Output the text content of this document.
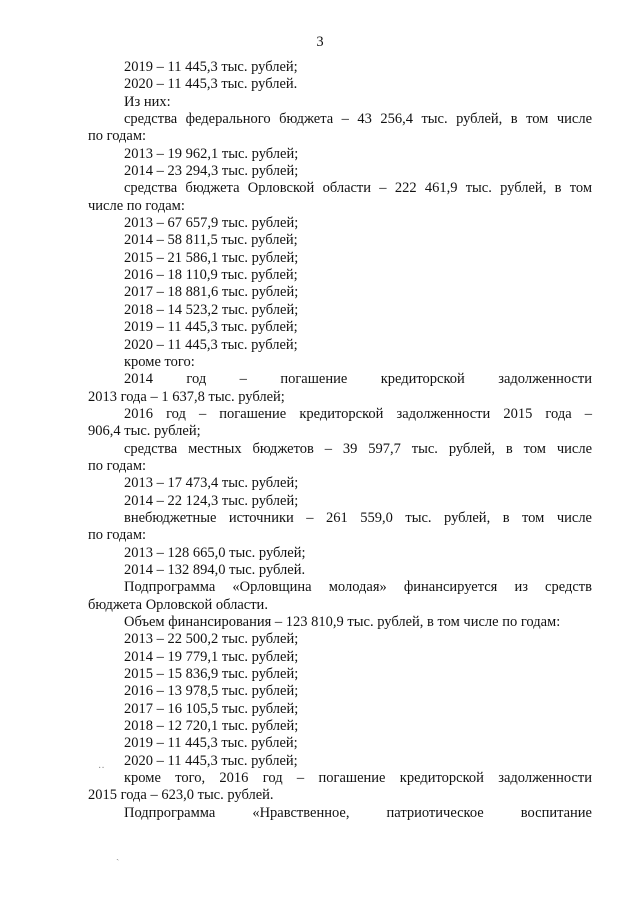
3
2019 – 11 445,3 тыс. рублей;
2020 – 11 445,3 тыс. рублей.
Из них:
средства федерального бюджета – 43 256,4 тыс. рублей, в том числе
по годам:
2013 – 19 962,1 тыс. рублей;
2014 – 23 294,3 тыс. рублей;
средства бюджета Орловской области – 222 461,9 тыс. рублей, в том
числе по годам:
2013 – 67 657,9 тыс. рублей;
2014 – 58 811,5 тыс. рублей;
2015 – 21 586,1 тыс. рублей;
2016 – 18 110,9 тыс. рублей;
2017 – 18 881,6 тыс. рублей;
2018 – 14 523,2 тыс. рублей;
2019 – 11 445,3 тыс. рублей;
2020 – 11 445,3 тыс. рублей;
кроме того:
2014 год – погашение кредиторской задолженности
2013 года – 1 637,8 тыс. рублей;
2016 год – погашение кредиторской задолженности 2015 года –
906,4 тыс. рублей;
средства местных бюджетов – 39 597,7 тыс. рублей, в том числе
по годам:
2013 – 17 473,4 тыс. рублей;
2014 – 22 124,3 тыс. рублей;
внебюджетные источники – 261 559,0 тыс. рублей, в том числе
по годам:
2013 – 128 665,0 тыс. рублей;
2014 – 132 894,0 тыс. рублей.
Подпрограмма «Орловщина молодая» финансируется из средств
бюджета Орловской области.
Объем финансирования – 123 810,9 тыс. рублей, в том числе по годам:
2013 – 22 500,2 тыс. рублей;
2014 – 19 779,1 тыс. рублей;
2015 – 15 836,9 тыс. рублей;
2016 – 13 978,5 тыс. рублей;
2017 – 16 105,5 тыс. рублей;
2018 – 12 720,1 тыс. рублей;
2019 – 11 445,3 тыс. рублей;
2020 – 11 445,3 тыс. рублей;
кроме того, 2016 год – погашение кредиторской задолженности
2015 года – 623,0 тыс. рублей.
Подпрограмма «Нравственное, патриотическое воспитание
··
ˏ
